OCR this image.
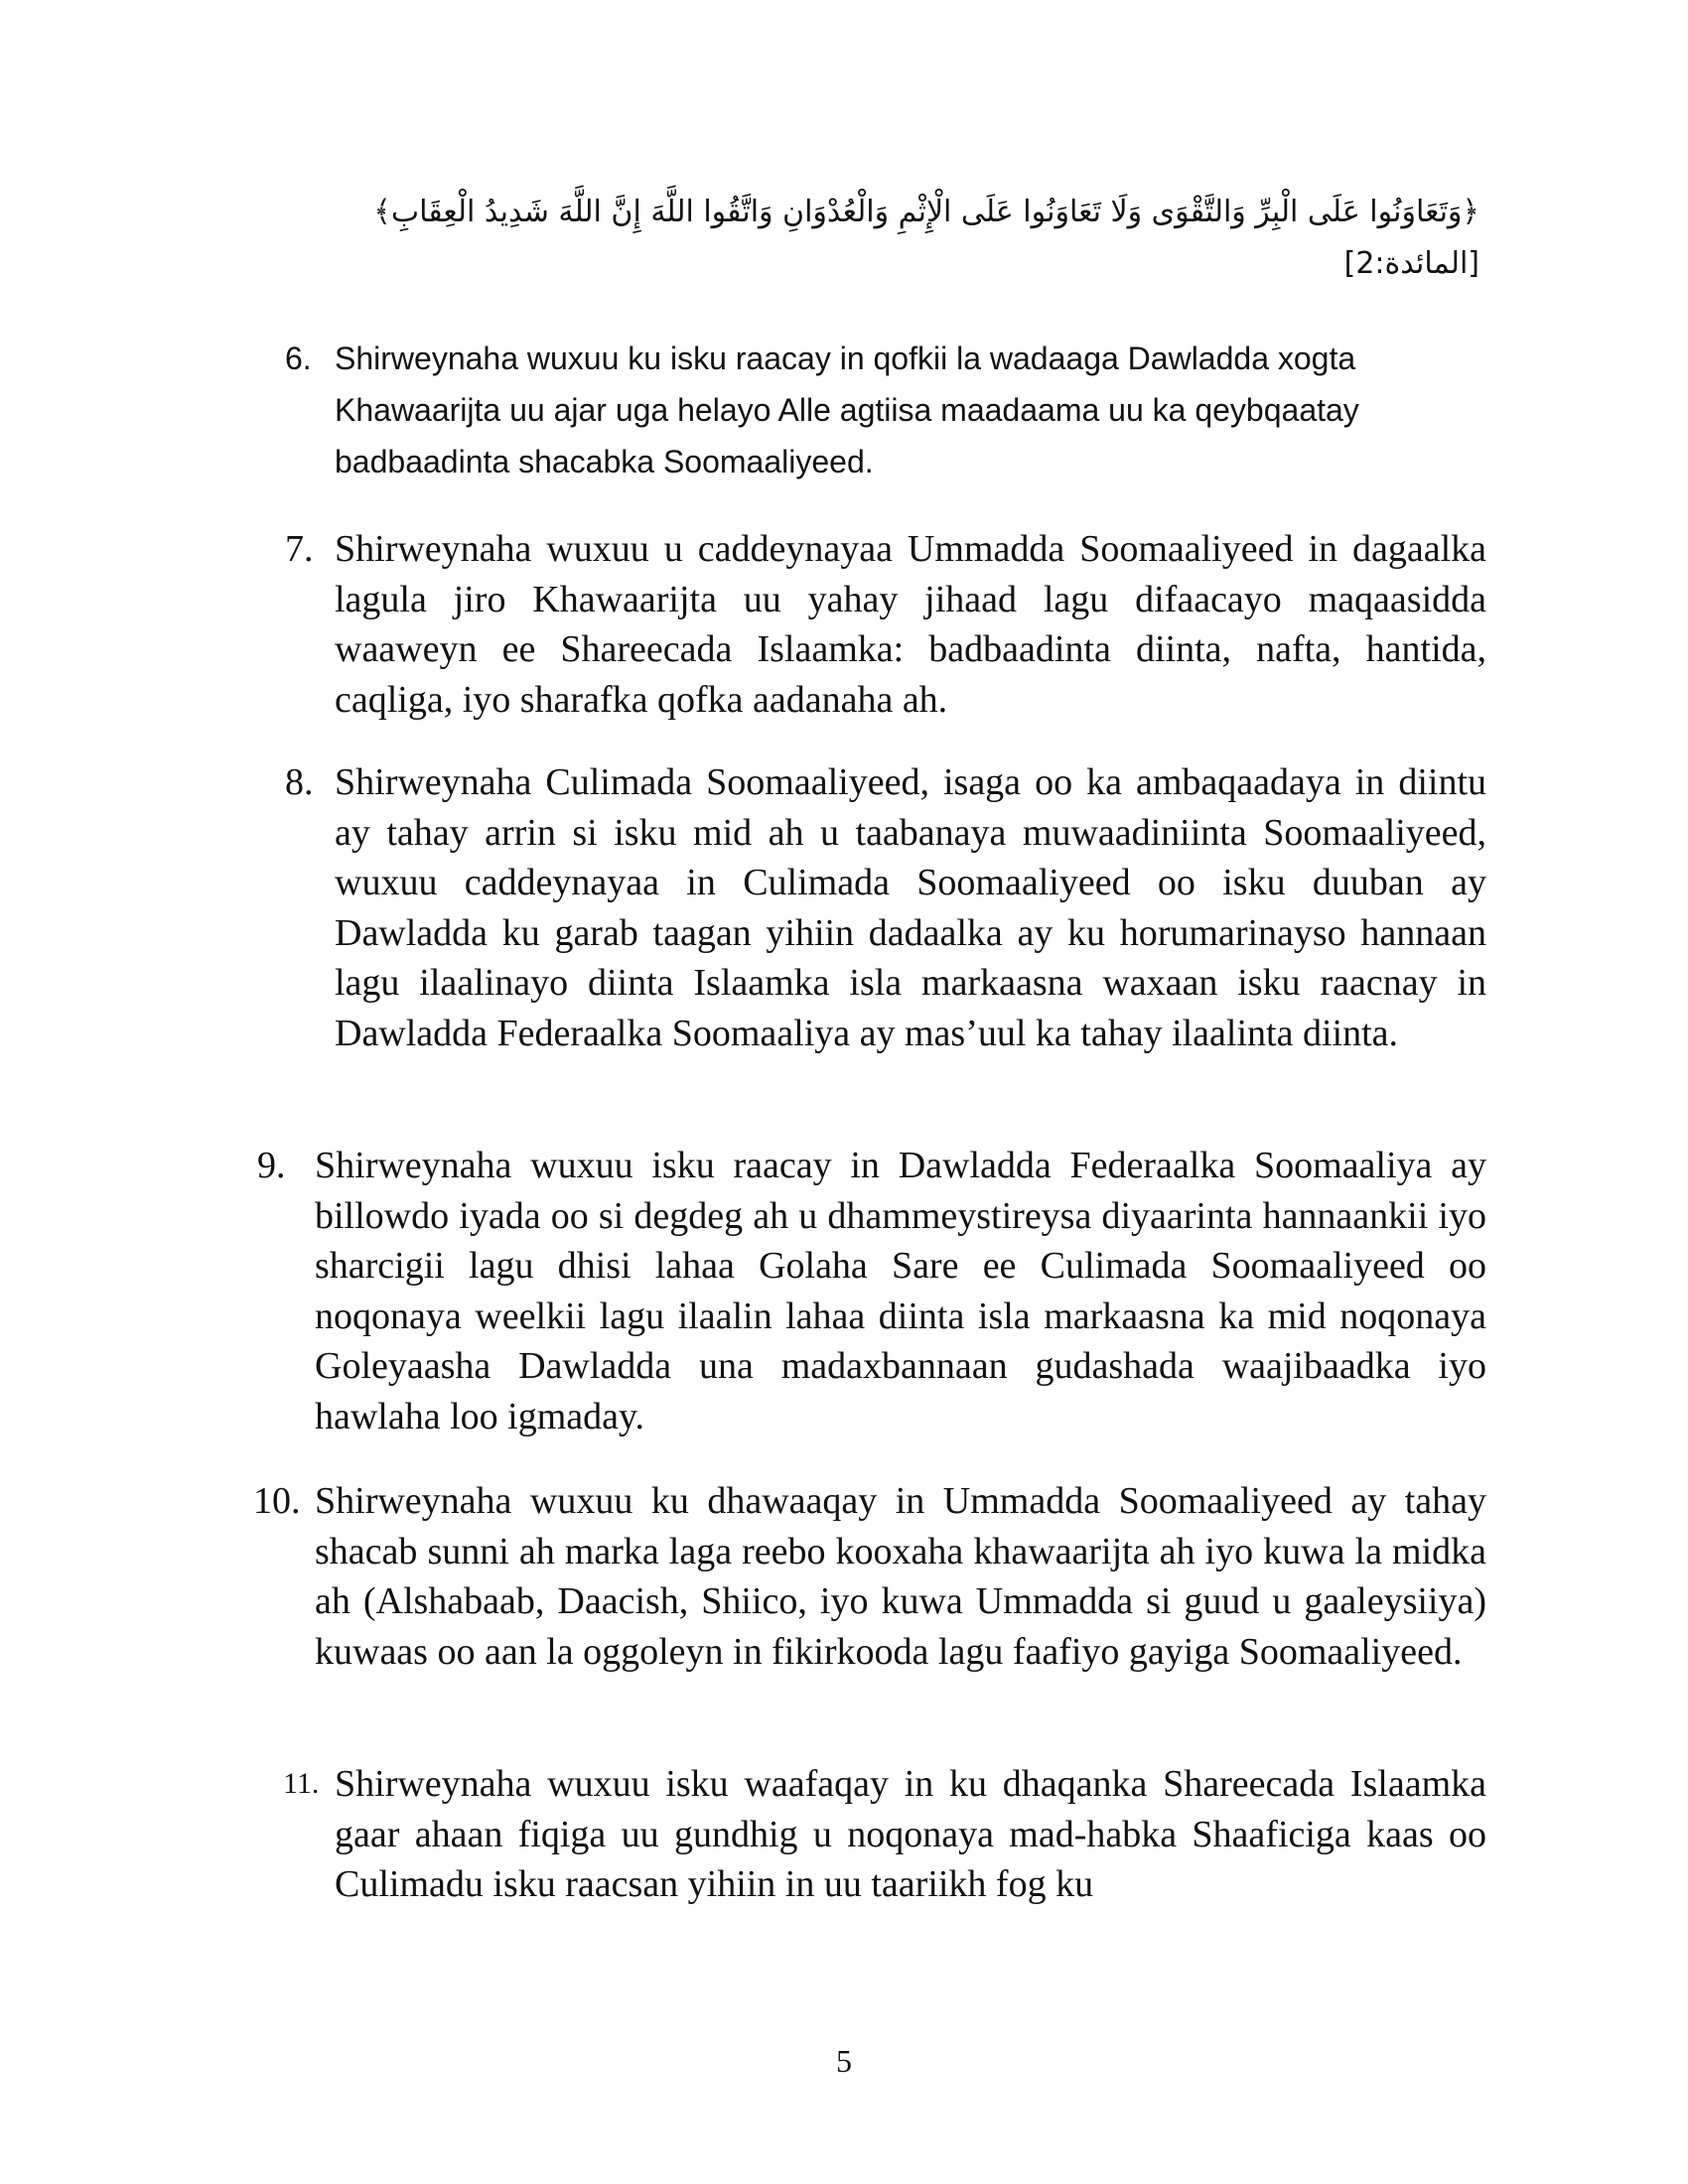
﴿وَتَعَاوَنُوا عَلَى الْبِرِّ وَالتَّقْوَى وَلَا تَعَاوَنُوا عَلَى الْإِثْمِ وَالْعُدْوَانِ وَاتَّقُوا اللَّهَ إِنَّ اللَّهَ شَدِيدُ الْعِقَابِ﴾
[المائدة:2]
6. Shirweynaha wuxuu ku isku raacay in qofkii la wadaaga Dawladda xogta Khawaarijta uu ajar uga helayo Alle agtiisa maadaama uu ka qeybqaatay badbaadinta shacabka Soomaaliyeed.
7. Shirweynaha wuxuu u caddeynayaa Ummadda Soomaaliyeed in dagaalka lagula jiro Khawaarijta uu yahay jihaad lagu difaacayo maqaasidda waaweyn ee Shareecada Islaamka: badbaadinta diinta, nafta, hantida, caqliga, iyo sharafka qofka aadanaha ah.
8. Shirweynaha Culimada Soomaaliyeed, isaga oo ka ambaqaadaya in diintu ay tahay arrin si isku mid ah u taabanaya muwaadiniinta Soomaaliyeed, wuxuu caddeynayaa in Culimada Soomaaliyeed oo isku duuban ay Dawladda ku garab taagan yihiin dadaalka ay ku horumarinayso hannaan lagu ilaalinayo diinta Islaamka isla markaasna waxaan isku raacnay in Dawladda Federaalka Soomaaliya ay mas’uul ka tahay ilaalinta diinta.
9. Shirweynaha wuxuu isku raacay in Dawladda Federaalka Soomaaliya ay billowdo iyada oo si degdeg ah u dhammeystireysa diyaarinta hannaankii iyo sharcigii lagu dhisi lahaa Golaha Sare ee Culimada Soomaaliyeed oo noqonaya weelkii lagu ilaalin lahaa diinta isla markaasna ka mid noqonaya Goleyaasha Dawladda una madaxbannaan gudashada waajibaadka iyo hawlaha loo igmaday.
10. Shirweynaha wuxuu ku dhawaaqay in Ummadda Soomaaliyeed ay tahay shacab sunni ah marka laga reebo kooxaha khawaarijta ah iyo kuwa la midka ah (Alshabaab, Daacish, Shiico, iyo kuwa Ummadda si guud u gaaleysiiya) kuwaas oo aan la oggoleyn in fikirkooda lagu faafiyo gayiga Soomaaliyeed.
11. Shirweynaha wuxuu isku waafaqay in ku dhaqanka Shareecada Islaamka gaar ahaan fiqiga uu gundhig u noqonaya mad-habka Shaaficiga kaas oo Culimadu isku raacsan yihiin in uu taariikh fog ku
5
